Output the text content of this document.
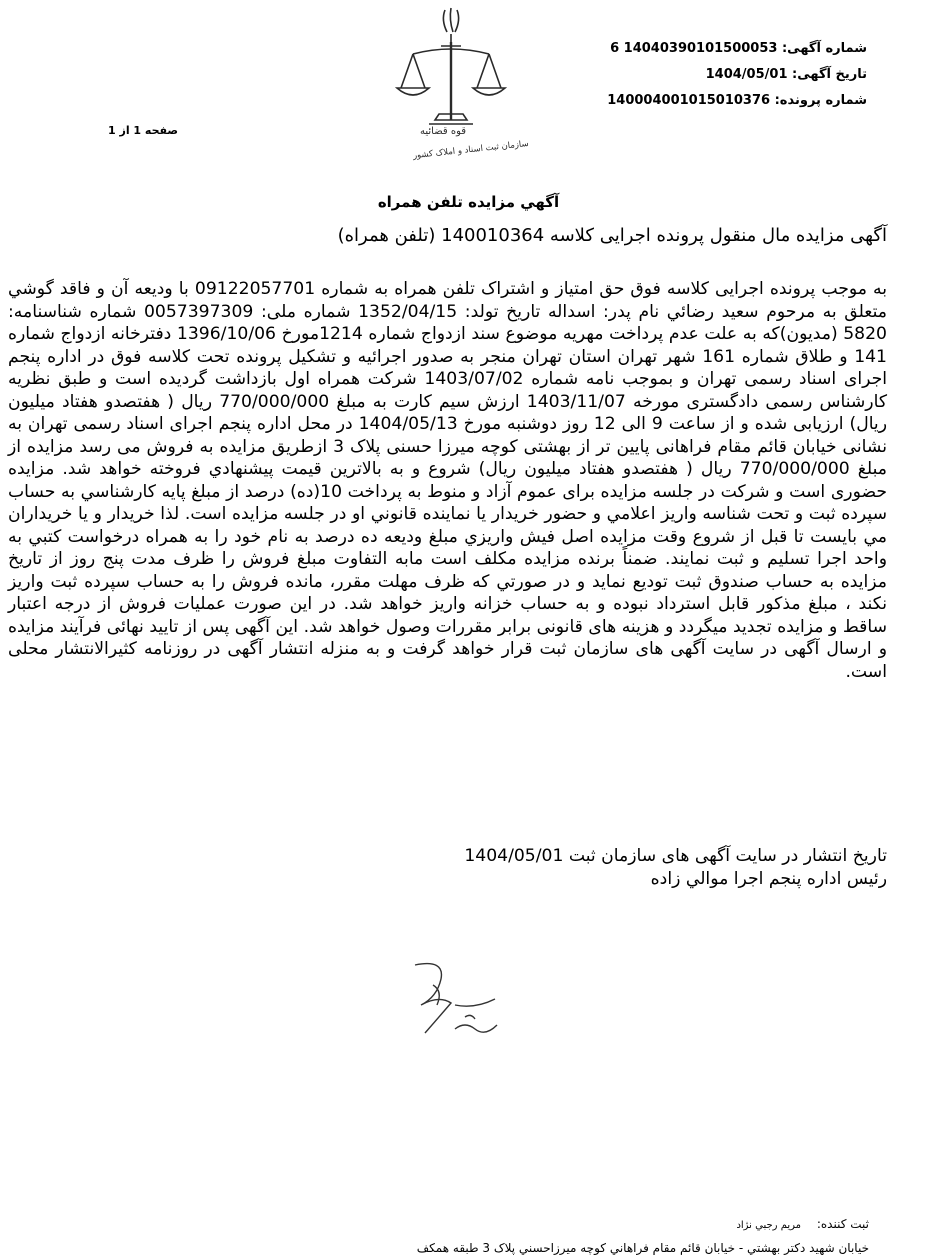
شماره آگهی: 14040390101500053 6
تاریخ آگهی: 1404/05/01
شماره پرونده: 140004001015010376
صفحه 1 از 1	قوه قضائیه
سازمان ثبت اسناد و املاک کشور
آگهي مزايده تلفن همراه
آگهی مزایده مال منقول پرونده اجرایی کلاسه 140010364 (تلفن همراه)

به موجب پرونده اجرايی کلاسه فوق حق امتیاز و اشتراک تلفن همراه به شماره 09122057701 با وديعه آن و فاقد گوشي متعلق به مرحوم سعيد رضائي نام پدر: اسداله تاريخ تولد: 1352/04/15 شماره ملی: 0057397309 شماره شناسنامه: 5820 (مدیون)که به علت عدم پرداخت مهريه موضوع سند ازدواج شماره 1214مورخ 1396/10/06 دفترخانه ازدواج شماره 141 و طلاق شماره 161 شهر تهران استان تهران منجر به صدور اجرائيه و تشکيل پرونده تحت کلاسه فوق در اداره پنجم اجرای اسناد رسمی تهران و بموجب نامه شماره 1403/07/02 شرکت همراه اول بازداشت گرديده است و طبق نظريه کارشناس رسمی دادگستری مورخه 1403/11/07 ارزش سيم کارت به مبلغ 770/000/000 ريال ( هفتصدو هفتاد ميليون ريال) ارزيابی شده و از ساعت 9 الی 12 روز دوشنبه مورخ 1404/05/13 در محل اداره پنجم اجرای اسناد رسمی تهران به نشانی خيابان قائم مقام فراهانی پايين تر از بهشتی کوچه ميرزا حسنی پلاک 3 ازطريق مزايده به فروش می رسد مزايده از مبلغ 770/000/000 ريال ( هفتصدو هفتاد ميليون ريال) شروع و به بالاترين قيمت پيشنهادي فروخته خواهد شد. مزايده حضوری است و شرکت در جلسه مزايده برای عموم آزاد و منوط به پرداخت 10(ده) درصد از مبلغ پايه کارشناسي به حساب سپرده ثبت و تحت شناسه واريز اعلامي و حضور خريدار يا نماينده قانوني او در جلسه مزايده است. لذا خريدار و يا خريداران مي بايست تا قبل از شروع وقت مزايده اصل فيش واريزي مبلغ وديعه ده درصد به نام خود را به همراه درخواست کتبي به واحد اجرا تسليم و ثبت نمايند. ضمناً برنده مزايده مکلف است مابه التفاوت مبلغ فروش را ظرف مدت پنج روز از تاريخ مزايده به حساب صندوق ثبت توديع نمايد و در صورتي که ظرف مهلت مقرر، مانده فروش را به حساب سپرده ثبت واريز نکند ، مبلغ مذکور قابل استرداد نبوده و به حساب خزانه واريز خواهد شد. در اين صورت عمليات فروش از درجه اعتبار ساقط و مزايده تجديد ميگردد و هزينه های قانونی برابر مقررات وصول خواهد شد. اين آگهی پس از تاييد نهائی فرآيند مزايده و ارسال آگهی در سايت آگهی های سازمان ثبت قرار خواهد گرفت و به منزله انتشار آگهی در روزنامه کثيرالانتشار محلی است.

تاریخ انتشار در سایت آگهی های سازمان ثبت 1404/05/01
رئيس اداره پنجم اجرا موالي زاده
ثبت کننده: مريم رجبي نژاد
خيابان شهيد دکتر بهشتي - خيابان قائم مقام فراهاني کوچه ميرزاحسني پلاک 3 طبقه همکف
